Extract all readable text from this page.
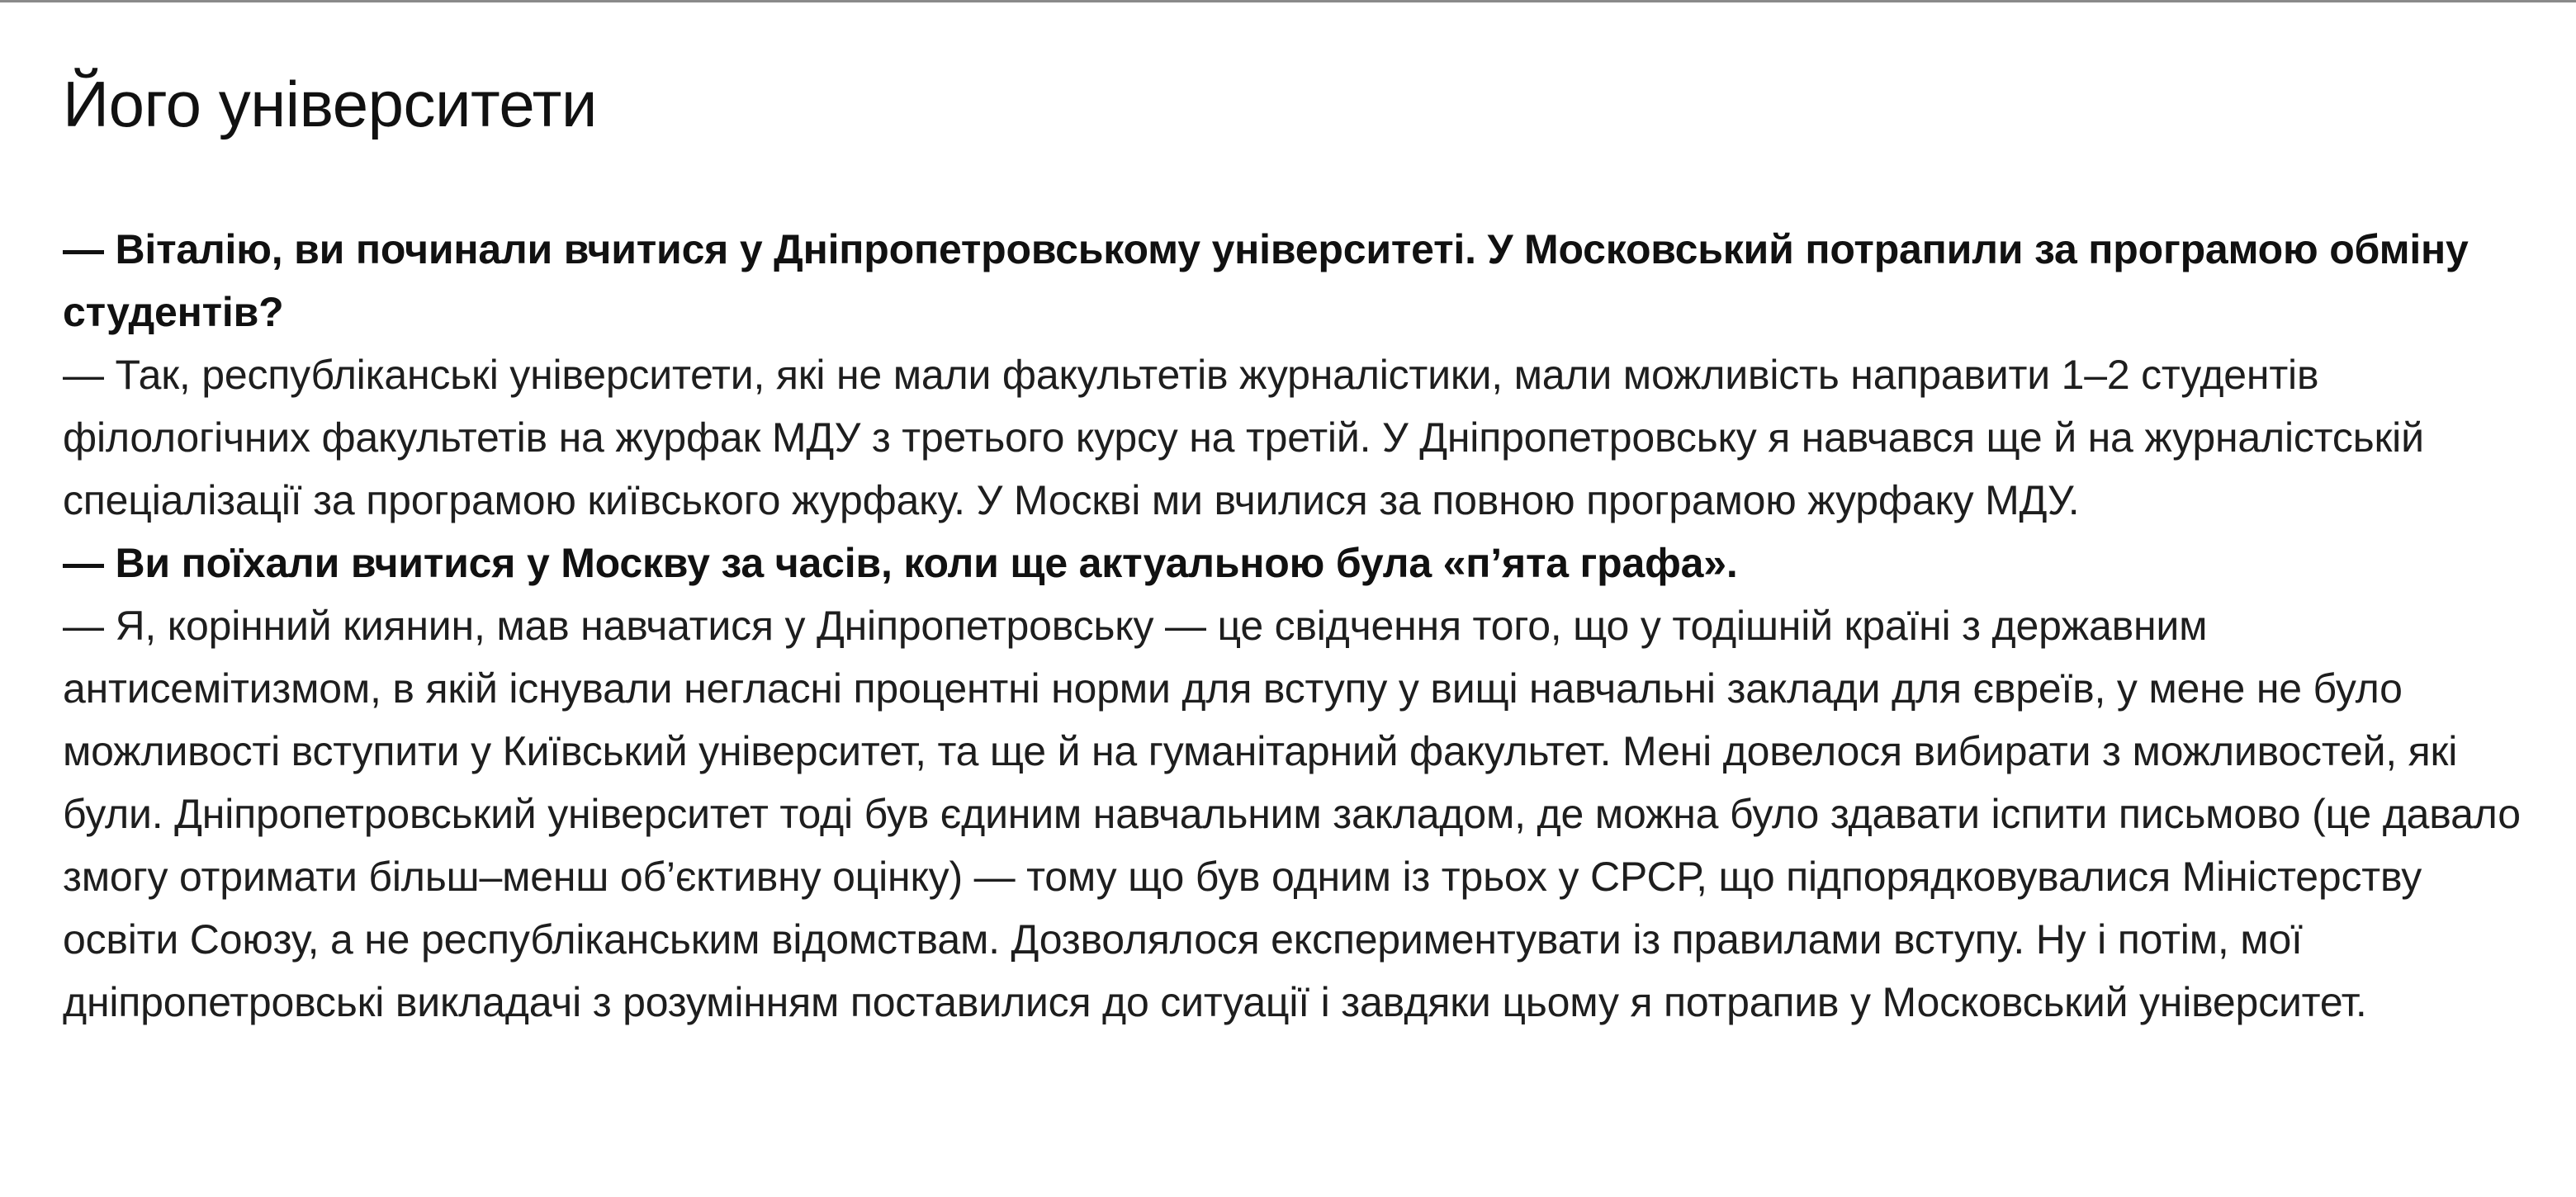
Його університети

— Віталію, ви починали вчитися у Дніпропетровському університеті. У Московський потрапили за програмою обміну студентів?

— Так, республіканські університети, які не мали факультетів журналістики, мали можливість направити 1–2 студентів філологічних факультетів на журфак МДУ з третього курсу на третій. У Дніпропетровську я навчався ще й на журналістській спеціалізації за програмою київського журфаку. У Москві ми вчилися за повною програмою журфаку МДУ.

— Ви поїхали вчитися у Москву за часів, коли ще актуальною була «п’ята графа».

— Я, корінний киянин, мав навчатися у Дніпропетровську — це свідчення того, що у тодішній країні з державним антисемітизмом, в якій існували негласні процентні норми для вступу у вищі навчальні заклади для євреїв, у мене не було можливості вступити у Київський університет, та ще й на гуманітарний факультет. Мені довелося вибирати з можливостей, які були. Дніпропетровський університет тоді був єдиним навчальним закладом, де можна було здавати іспити письмово (це давало змогу отримати більш–менш об’єктивну оцінку) — тому що був одним із трьох у СРСР, що підпорядковувалися Міністерству освіти Союзу, а не республіканським відомствам. Дозволялося експериментувати із правилами вступу. Ну і потім, мої дніпропетровські викладачі з розумінням поставилися до ситуації і завдяки цьому я потрапив у Московський університет.
